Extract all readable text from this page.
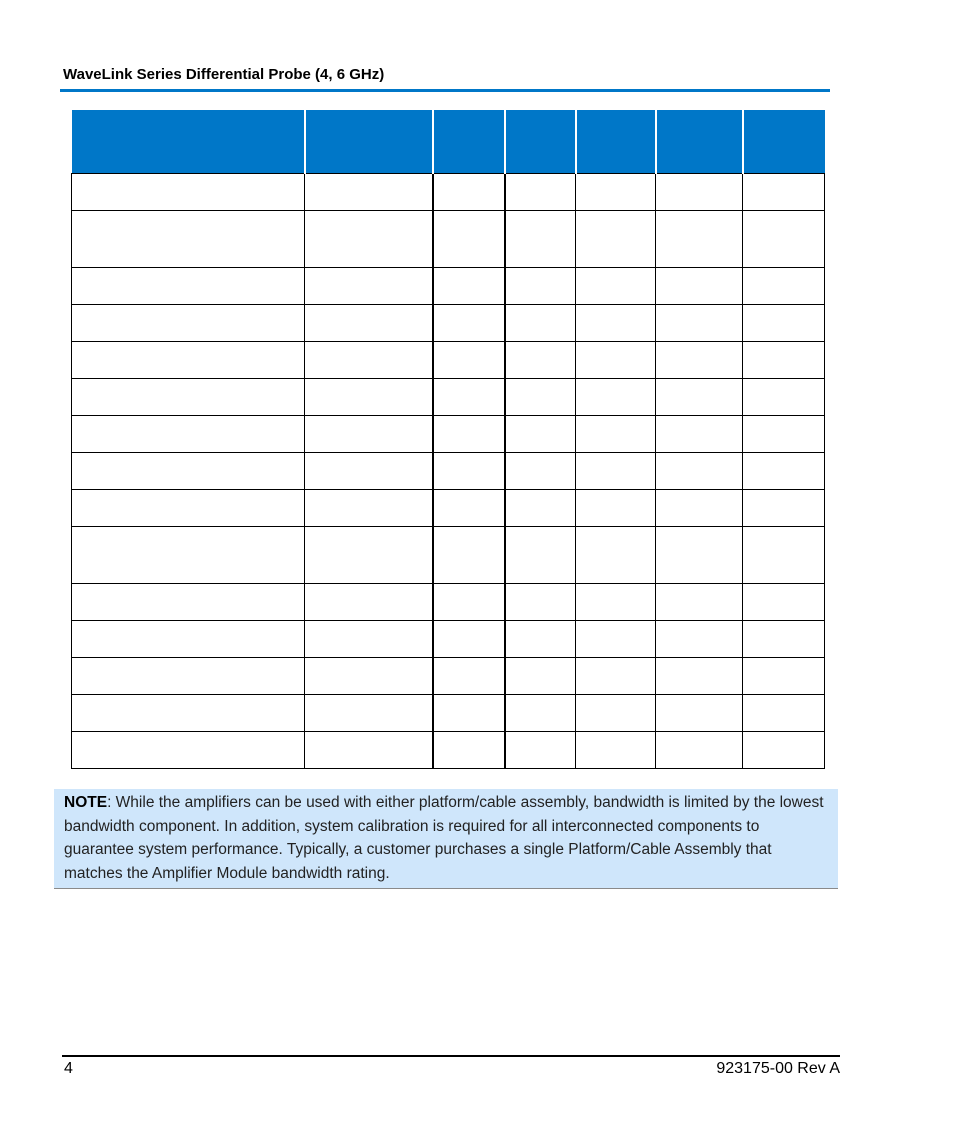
WaveLink Series Differential Probe (4, 6 GHz)

NOTE: While the amplifiers can be used with either platform/cable assembly, bandwidth is limited by the lowest bandwidth component. In addition, system calibration is required for all interconnected components to guarantee system performance. Typically, a customer purchases a single Platform/Cable Assembly that matches the Amplifier Module bandwidth rating.
4	923175-00 Rev A
